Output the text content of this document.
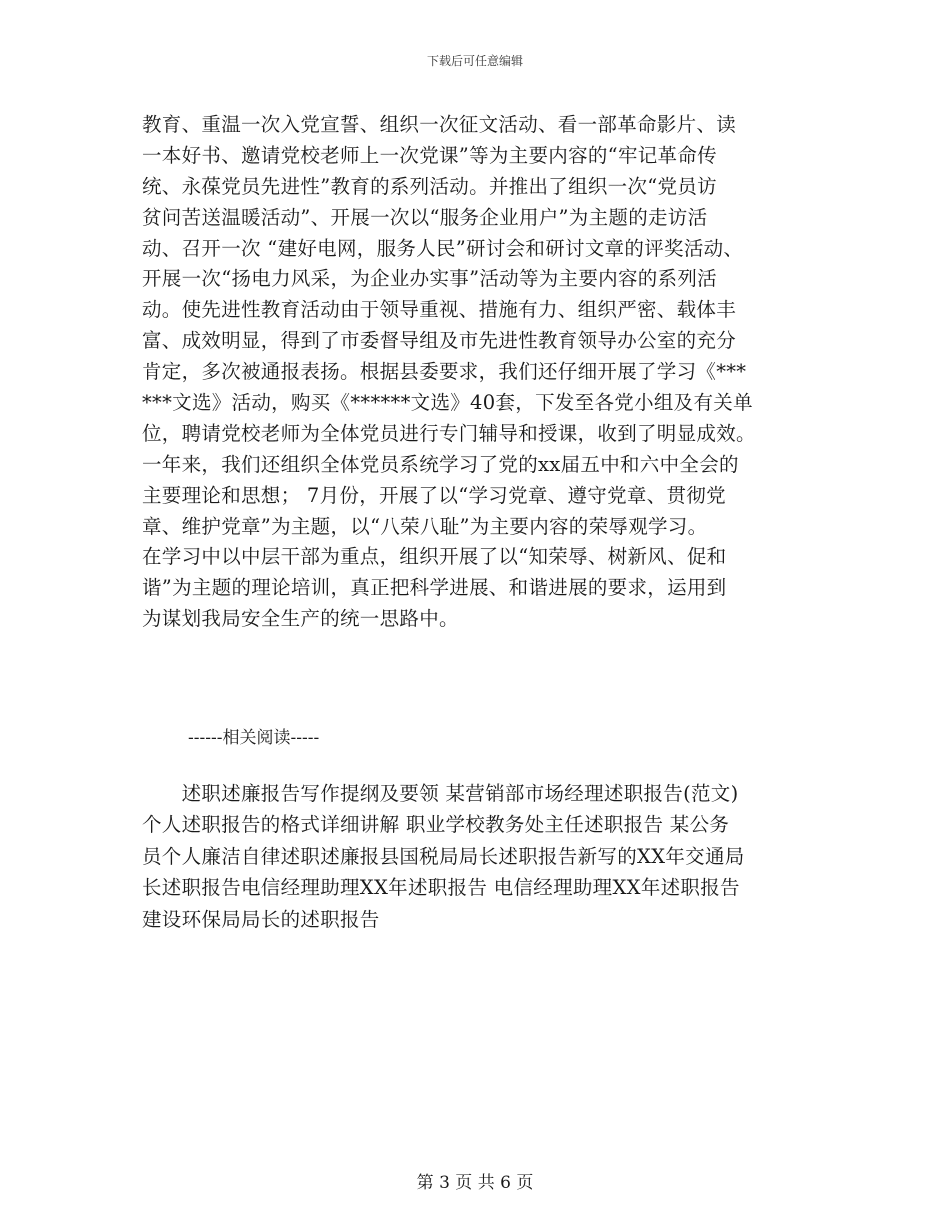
下载后可任意编辑
教育、重温一次入党宣誓、组织一次征文活动、看一部革命影片、读
一本好书、邀请党校老师上一次党课”等为主要内容的“牢记革命传
统、永葆党员先进性”教育的系列活动。并推出了组织一次“党员访
贫问苦送温暖活动”、开展一次以“服务企业用户”为主题的走访活
动、召开一次 “建好电网，服务人民”研讨会和研讨文章的评奖活动、
开展一次“扬电力风采，为企业办实事”活动等为主要内容的系列活
动。使先进性教育活动由于领导重视、措施有力、组织严密、载体丰
富、成效明显，得到了市委督导组及市先进性教育领导办公室的充分
肯定，多次被通报表扬。根据县委要求，我们还仔细开展了学习《***
***文选》活动，购买《******文选》40套，下发至各党小组及有关单
位，聘请党校老师为全体党员进行专门辅导和授课，收到了明显成效。
一年来，我们还组织全体党员系统学习了党的xx届五中和六中全会的
主要理论和思想； 7月份，开展了以“学习党章、遵守党章、贯彻党
章、维护党章”为主题，以“八荣八耻”为主要内容的荣辱观学习。
在学习中以中层干部为重点，组织开展了以“知荣辱、树新风、促和
谐”为主题的理论培训，真正把科学进展、和谐进展的要求，运用到
为谋划我局安全生产的统一思路中。
------相关阅读-----
　　述职述廉报告写作提纲及要领 某营销部市场经理述职报告(范文)
个人述职报告的格式详细讲解 职业学校教务处主任述职报告 某公务
员个人廉洁自律述职述廉报县国税局局长述职报告新写的XX年交通局
长述职报告电信经理助理XX年述职报告 电信经理助理XX年述职报告
建设环保局局长的述职报告
第 3 页 共 6 页
